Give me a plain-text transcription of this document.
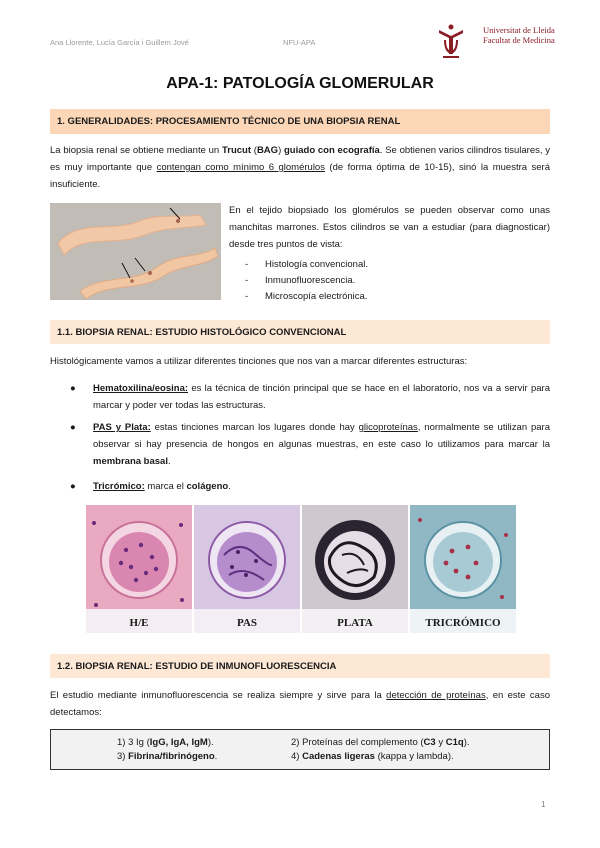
Ana Llorente, Lucía García i Guillem Jové	NFU-APA
Universitat de Lleida
Facultat de Medicina
APA-1: PATOLOGÍA GLOMERULAR
1. GENERALIDADES: PROCESAMIENTO TÉCNICO DE UNA BIOPSIA RENAL
La biopsia renal se obtiene mediante un Trucut (BAG) guiado con ecografía. Se obtienen varios cilindros tisulares, y es muy importante que contengan como mínimo 6 glomérulos (de forma óptima de 10-15), sinó la muestra será insuficiente.
En el tejido biopsiado los glomérulos se pueden observar como unas manchitas marrones. Estos cilindros se van a estudiar (para diagnosticar) desde tres puntos de vista:
- Histología convencional.
- Inmunofluorescencia.
- Microscopía electrónica.
1.1. BIOPSIA RENAL: ESTUDIO HISTOLÓGICO CONVENCIONAL
Histológicamente vamos a utilizar diferentes tinciones que nos van a marcar diferentes estructuras:
●	Hematoxilina/eosina: es la técnica de tinción principal que se hace en el laboratorio, nos va a servir para marcar y poder ver todas las estructuras.
●	PAS y Plata: estas tinciones marcan los lugares donde hay glicoproteínas, normalmente se utilizan para observar si hay presencia de hongos en algunas muestras, en este caso lo utilizamos para marcar la membrana basal.
●	Tricrómico: marca el colágeno.
H/E	PAS	PLATA	TRICRÓMICO
1.2. BIOPSIA RENAL: ESTUDIO DE INMUNOFLUORESCENCIA
El estudio mediante inmunofluorescencia se realiza siempre y sirve para la detección de proteínas, en este caso detectamos:
1) 3 Ig (IgG, IgA, IgM).	2) Proteínas del complemento (C3 y C1q).
3) Fibrina/fibrinógeno.	4) Cadenas ligeras (kappa y lambda).
1
